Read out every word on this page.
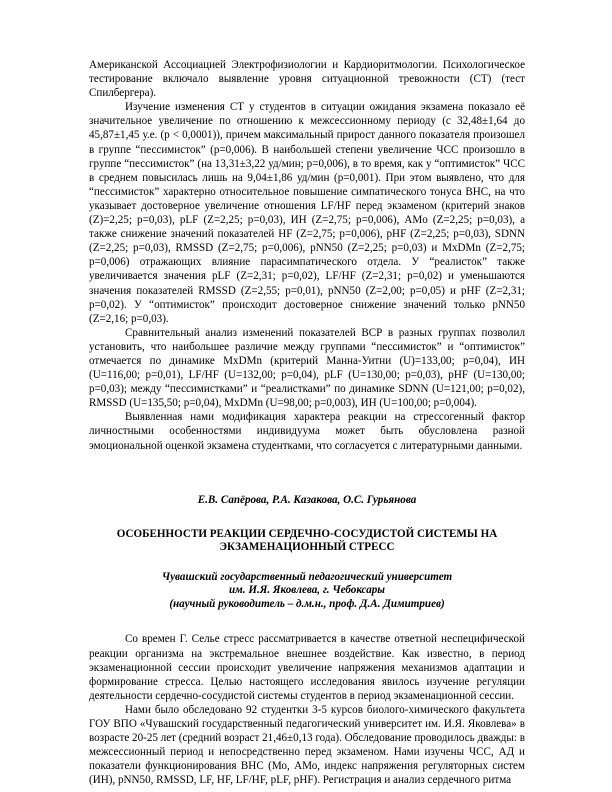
Американской Ассоциацией Электрофизиологии и Кардиоритмологии. Психологическое тестирование включало выявление уровня ситуационной тревожности (СТ) (тест Спилбергера).

Изучение изменения СТ у студентов в ситуации ожидания экзамена показало её значительное увеличение по отношению к межсессионному периоду (с 32,48±1,64 до 45,87±1,45 у.е. (p < 0,0001)), причем максимальный прирост данного показателя произошел в группе “пессимисток” (p=0,006). В наибольшей степени увеличение ЧСС произошло в группе “пессимисток” (на 13,31±3,22 уд/мин; p=0,006), в то время, как у “оптимисток” ЧСС в среднем повысилась лишь на 9,04±1,86 уд/мин (p=0,001). При этом выявлено, что для “пессимисток” характерно относительное повышение симпатического тонуса ВНС, на что указывает достоверное увеличение отношения LF/HF перед экзаменом (критерий знаков (Z)=2,25; p=0,03), pLF (Z=2,25; p=0,03), ИН (Z=2,75; p=0,006), AMo (Z=2,25; p=0,03), а также снижение значений показателей HF (Z=2,75; p=0,006), pHF (Z=2,25; p=0,03), SDNN (Z=2,25; p=0,03), RMSSD (Z=2,75; p=0,006), pNN50 (Z=2,25; p=0,03) и MxDMn (Z=2,75; p=0,006) отражающих влияние парасимпатического отдела. У “реалисток” также увеличивается значения pLF (Z=2,31; p=0,02), LF/HF (Z=2,31; p=0,02) и уменьшаются значения показателей RMSSD (Z=2,55; p=0,01), pNN50 (Z=2,00; p=0,05) и pHF (Z=2,31; p=0,02). У “оптимисток” происходит достоверное снижение значений только pNN50 (Z=2,16; p=0,03).

Сравнительный анализ изменений показателей ВСР в разных группах позволил установить, что наибольшее различие между группами “пессимисток” и “оптимисток” отмечается по динамике MxDMn (критерий Манна-Уитни (U)=133,00; p=0,04), ИН (U=116,00; p=0,01), LF/HF (U=132,00; p=0,04), pLF (U=130,00; p=0,03), pHF (U=130,00; p=0,03); между “пессимистками” и “реалистками” по динамике SDNN (U=121,00; p=0,02), RMSSD (U=135,50; p=0,04), MxDMn (U=98,00; p=0,003), ИН (U=100,00; p=0,004).

Выявленная нами модификация характера реакции на стрессогенный фактор личностными особенностями индивидуума может быть обусловлена разной эмоциональной оценкой экзамена студентками, что согласуется с литературными данными.

Е.В. Сапёрова, Р.А. Казакова, О.С. Гурьянова
ОСОБЕННОСТИ РЕАКЦИИ СЕРДЕЧНО-СОСУДИСТОЙ СИСТЕМЫ НА
ЭКЗАМЕНАЦИОННЫЙ СТРЕСС
Чувашский государственный педагогический университет
им. И.Я. Яковлева, г. Чебоксары
(научный руководитель – д.м.н., проф. Д.А. Димитриев)

Со времен Г. Селье стресс рассматривается в качестве ответной неспецифической реакции организма на экстремальное внешнее воздействие. Как известно, в период экзаменационной сессии происходит увеличение напряжения механизмов адаптации и формирование стресса. Целью настоящего исследования явилось изучение регуляции деятельности сердечно-сосудистой системы студентов в период экзаменационной сессии.

Нами было обследовано 92 студентки 3-5 курсов биолого-химического факультета ГОУ ВПО «Чувашский государственный педагогический университет им. И.Я. Яковлева» в возрасте 20-25 лет (средний возраст 21,46±0,13 года). Обследование проводилось дважды: в межсессионный период и непосредственно перед экзаменом. Нами изучены ЧСС, АД и показатели функционирования ВНС (Мо, АМо, индекс напряжения регуляторных систем (ИН), pNN50, RMSSD, LF, HF, LF/HF, pLF, pHF). Регистрация и анализ сердечного ритма
